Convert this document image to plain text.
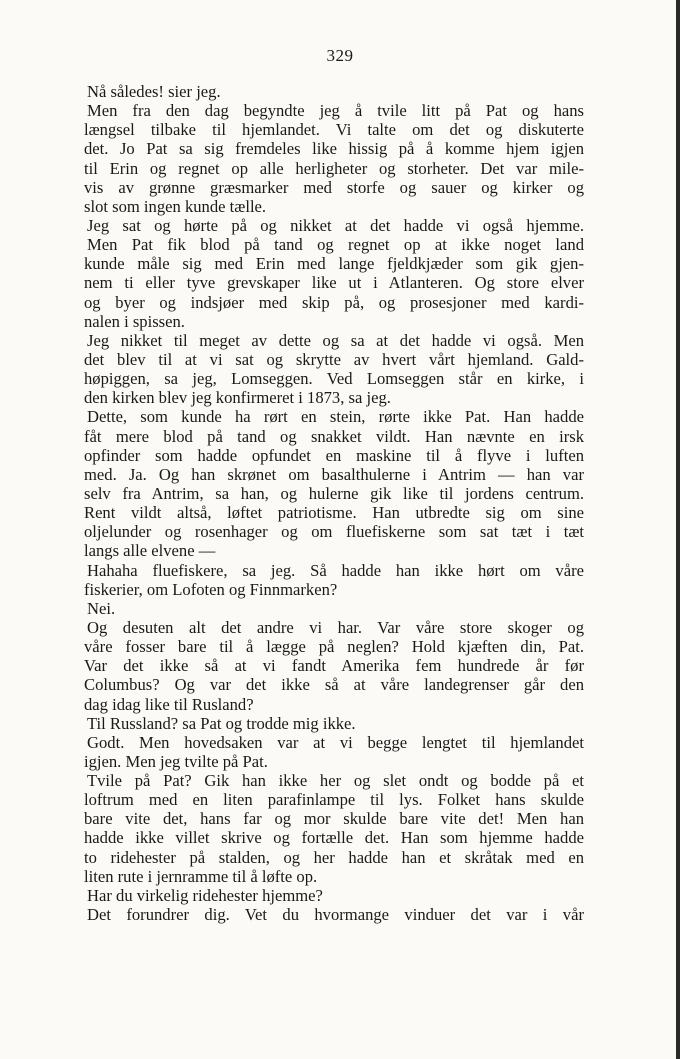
329
Nå således! sier jeg.
Men fra den dag begyndte jeg å tvile litt på Pat og hans
længsel tilbake til hjemlandet. Vi talte om det og diskuterte
det. Jo Pat sa sig fremdeles like hissig på å komme hjem igjen
til Erin og regnet op alle herligheter og storheter. Det var mile-
vis av grønne græsmarker med storfe og sauer og kirker og
slot som ingen kunde tælle.
Jeg sat og hørte på og nikket at det hadde vi også hjemme.
Men Pat fik blod på tand og regnet op at ikke noget land
kunde måle sig med Erin med lange fjeldkjæder som gik gjen-
nem ti eller tyve grevskaper like ut i Atlanteren. Og store elver
og byer og indsjøer med skip på, og prosesjoner med kardi-
nalen i spissen.
Jeg nikket til meget av dette og sa at det hadde vi også. Men
det blev til at vi sat og skrytte av hvert vårt hjemland. Gald-
høpiggen, sa jeg, Lomseggen. Ved Lomseggen står en kirke, i
den kirken blev jeg konfirmeret i 1873, sa jeg.
Dette, som kunde ha rørt en stein, rørte ikke Pat. Han hadde
fåt mere blod på tand og snakket vildt. Han nævnte en irsk
opfinder som hadde opfundet en maskine til å flyve i luften
med. Ja. Og han skrønet om basalthulerne i Antrim — han var
selv fra Antrim, sa han, og hulerne gik like til jordens centrum.
Rent vildt altså, løftet patriotisme. Han utbredte sig om sine
oljelunder og rosenhager og om fluefiskerne som sat tæt i tæt
langs alle elvene —
Hahaha fluefiskere, sa jeg. Så hadde han ikke hørt om våre
fiskerier, om Lofoten og Finnmarken?
Nei.
Og desuten alt det andre vi har. Var våre store skoger og
våre fosser bare til å lægge på neglen? Hold kjæften din, Pat.
Var det ikke så at vi fandt Amerika fem hundrede år før
Columbus? Og var det ikke så at våre landegrenser går den
dag idag like til Rusland?
Til Russland? sa Pat og trodde mig ikke.
Godt. Men hovedsaken var at vi begge lengtet til hjemlandet
igjen. Men jeg tvilte på Pat.
Tvile på Pat? Gik han ikke her og slet ondt og bodde på et
loftrum med en liten parafinlampe til lys. Folket hans skulde
bare vite det, hans far og mor skulde bare vite det! Men han
hadde ikke villet skrive og fortælle det. Han som hjemme hadde
to ridehester på stalden, og her hadde han et skråtak med en
liten rute i jernramme til å løfte op.
Har du virkelig ridehester hjemme?
Det forundrer dig. Vet du hvormange vinduer det var i vår
